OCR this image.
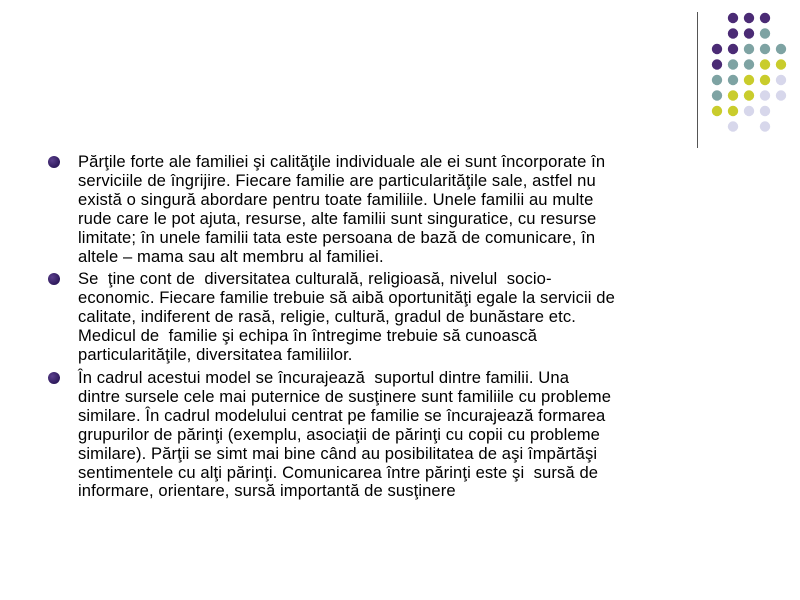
Părţile forte ale familiei şi calităţile individuale ale ei sunt încorporate în
serviciile de îngrijire. Fiecare familie are particularităţile sale, astfel nu
există o singură abordare pentru toate familiile. Unele familii au multe
rude care le pot ajuta, resurse, alte familii sunt singuratice, cu resurse
limitate; în unele familii tata este persoana de bază de comunicare, în
altele – mama sau alt membru al familiei.
Se  ţine cont de  diversitatea culturală, religioasă, nivelul  socio-
economic. Fiecare familie trebuie să aibă oportunităţi egale la servicii de
calitate, indiferent de rasă, religie, cultură, gradul de bunăstare etc.
Medicul de  familie şi echipa în întregime trebuie să cunoască
particularităţile, diversitatea familiilor.
În cadrul acestui model se încurajează  suportul dintre familii. Una
dintre sursele cele mai puternice de susţinere sunt familiile cu probleme
similare. În cadrul modelului centrat pe familie se încurajează formarea
grupurilor de părinţi (exemplu, asociaţii de părinţi cu copii cu probleme
similare). Părţii se simt mai bine când au posibilitatea de aşi împărtăşi
sentimentele cu alţi părinţi. Comunicarea între părinţi este şi  sursă de
informare, orientare, sursă importantă de susţinere
